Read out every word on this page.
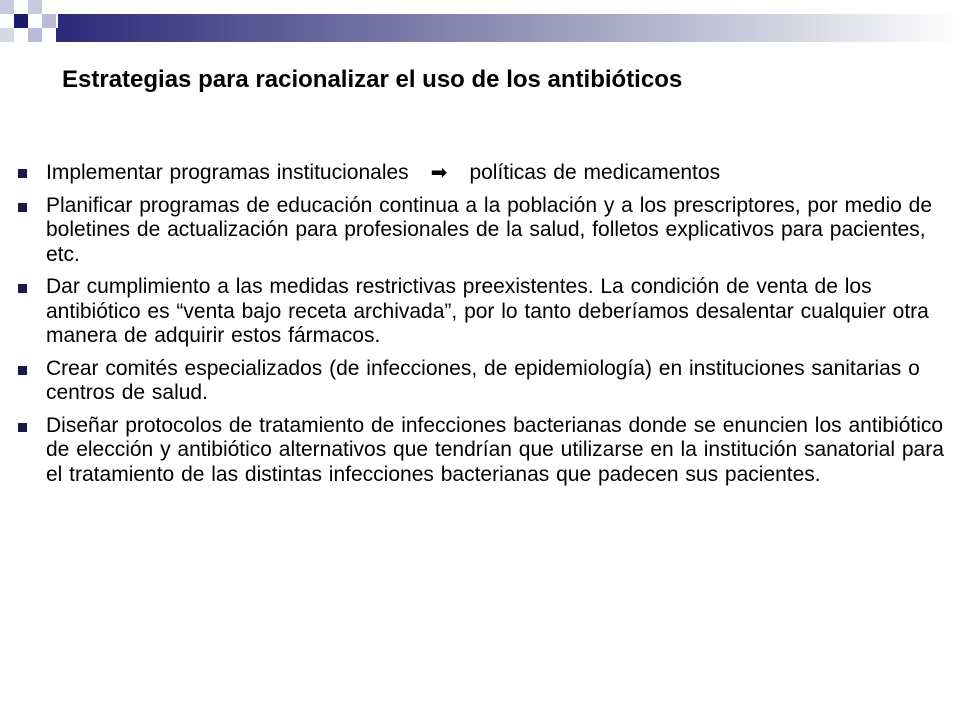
Estrategias para racionalizar el uso de los antibióticos
Implementar programas institucionales ➡ políticas de medicamentos
Planificar programas de educación continua a la población y a los prescriptores, por medio de boletines de actualización para profesionales de la salud, folletos explicativos para pacientes, etc.
Dar cumplimiento a las medidas restrictivas preexistentes. La condición de venta de los antibiótico es “venta bajo receta archivada”, por lo tanto deberíamos desalentar cualquier otra manera de adquirir estos fármacos.
Crear comités especializados (de infecciones, de epidemiología) en instituciones sanitarias o centros de salud.
Diseñar protocolos de tratamiento de infecciones bacterianas donde se enuncien los antibiótico de elección y antibiótico alternativos que tendrían que utilizarse en la institución sanatorial para el tratamiento de las distintas infecciones bacterianas que padecen sus pacientes.
